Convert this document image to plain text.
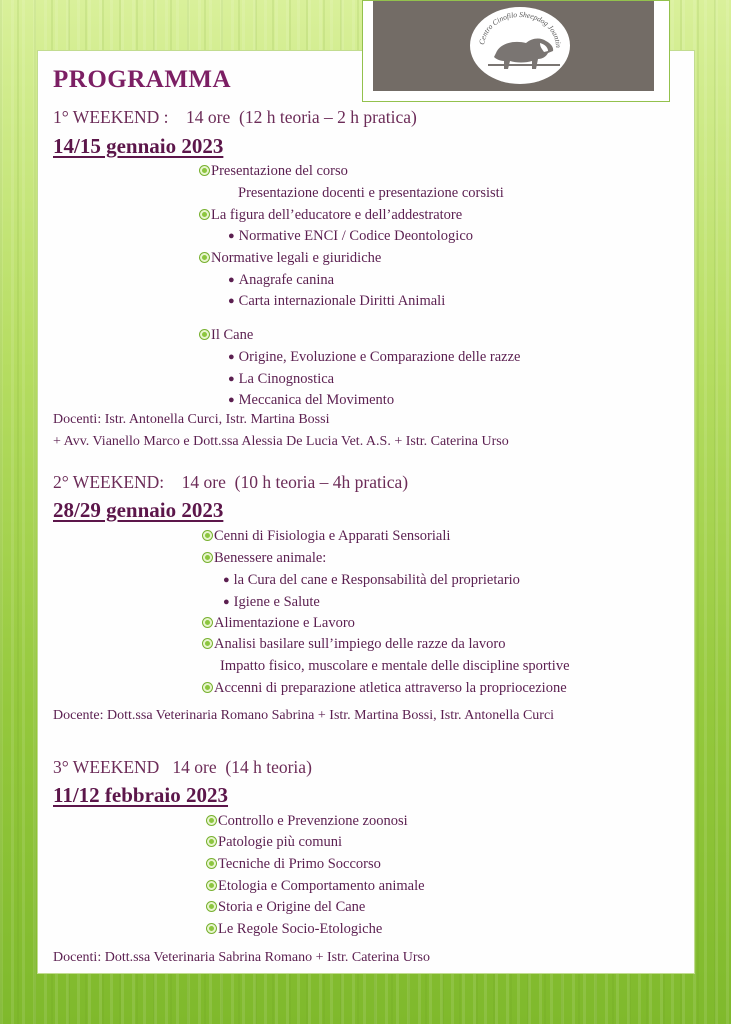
Centro Cinofilo Sheepdog Joantin
PROGRAMMA
1° WEEKEND :    14 ore  (12 h teoria – 2 h pratica)
14/15 gennaio 2023
Presentazione del corso
Presentazione docenti e presentazione corsisti
La figura dell’educatore e dell’addestratore
● Normative ENCI / Codice Deontologico
Normative legali e giuridiche
● Anagrafe canina
● Carta internazionale Diritti Animali
Il Cane
● Origine, Evoluzione e Comparazione delle razze
● La Cinognostica
● Meccanica del Movimento
Docenti: Istr. Antonella Curci, Istr. Martina Bossi
+ Avv. Vianello Marco e Dott.ssa Alessia De Lucia Vet. A.S. + Istr. Caterina Urso
2° WEEKEND:    14 ore  (10 h teoria – 4h pratica)
28/29 gennaio 2023
Cenni di Fisiologia e Apparati Sensoriali
Benessere animale:
● la Cura del cane e Responsabilità del proprietario
● Igiene e Salute
Alimentazione e Lavoro
Analisi basilare sull’impiego delle razze da lavoro
Impatto fisico, muscolare e mentale delle discipline sportive
Accenni di preparazione atletica attraverso la propriocezione
Docente: Dott.ssa Veterinaria Romano Sabrina + Istr. Martina Bossi, Istr. Antonella Curci
3° WEEKEND   14 ore  (14 h teoria)
11/12 febbraio 2023
Controllo e Prevenzione zoonosi
Patologie più comuni
Tecniche di Primo Soccorso
Etologia e Comportamento animale
Storia e Origine del Cane
Le Regole Socio-Etologiche
Docenti: Dott.ssa Veterinaria Sabrina Romano + Istr. Caterina Urso
